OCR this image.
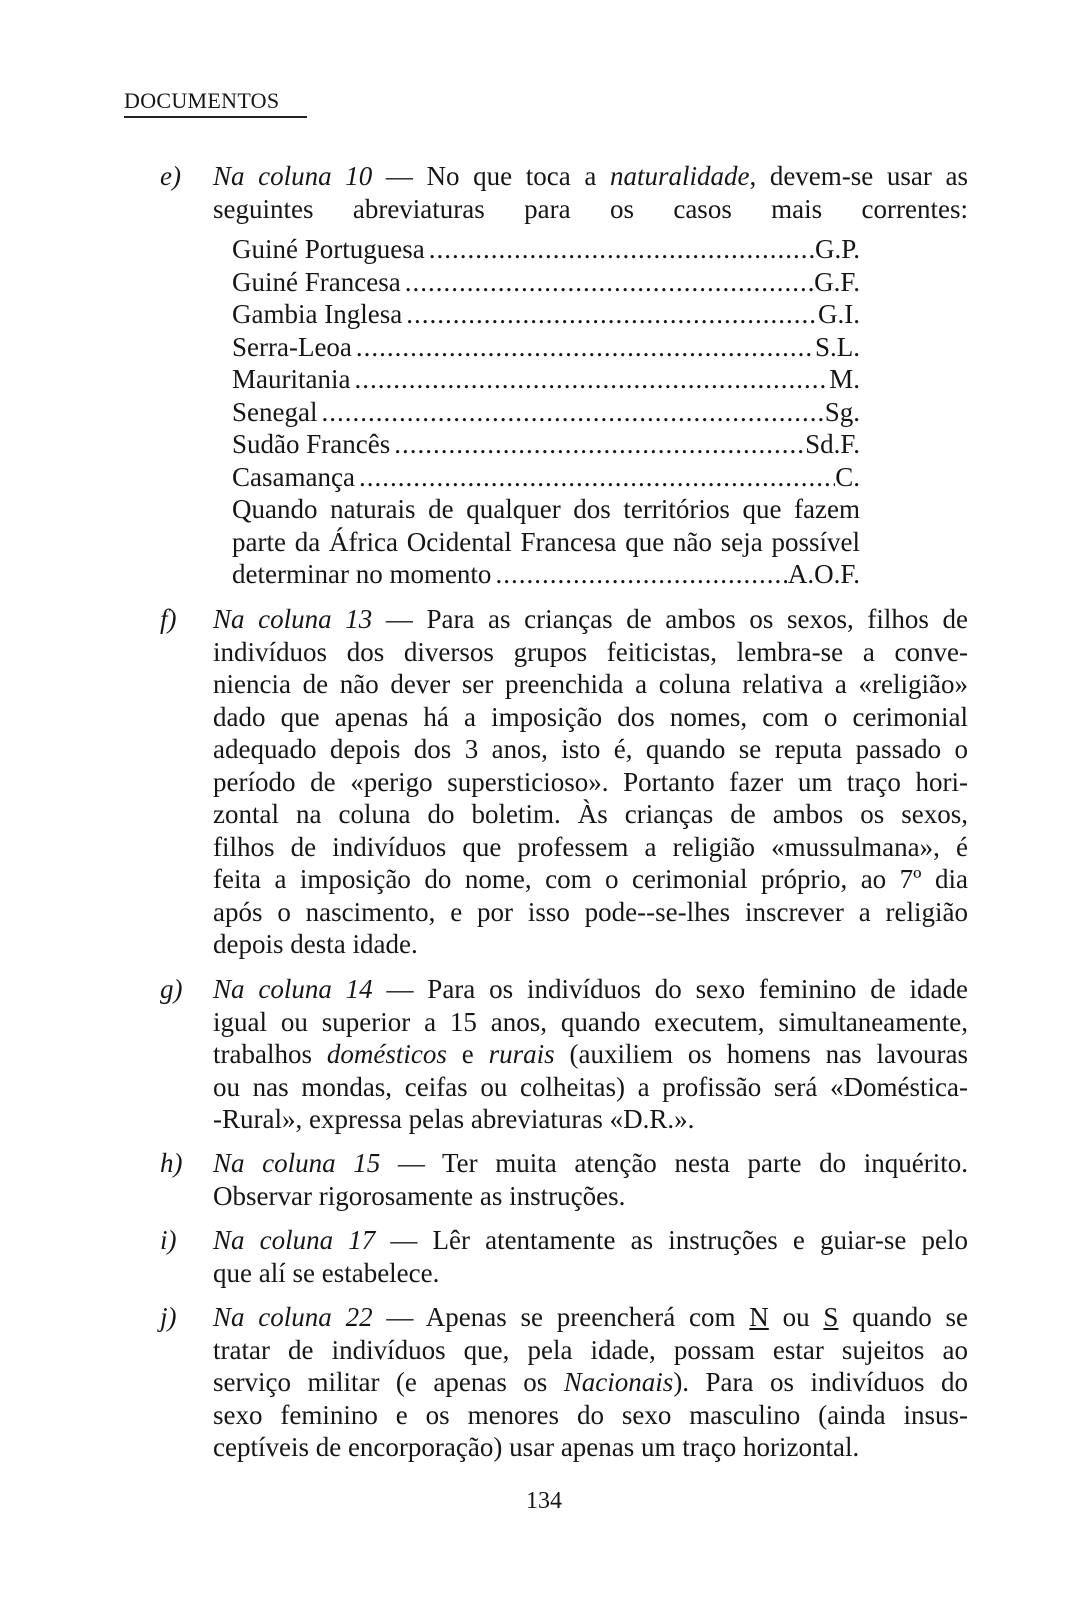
DOCUMENTOS
e) Na coluna 10 — No que toca a naturalidade, devem-se usar as
seguintes abreviaturas para os casos mais correntes:
Guiné Portuguesa .....	G.P.
Guiné Francesa .....	G.F.
Gambia Inglesa .....	G.I.
Serra-Leoa .....	S.L.
Mauritania .....	M.
Senegal .....	Sg.
Sudão Francês .....	Sd.F.
Casamança .....	C.
Quando naturais de qualquer dos territórios que fazem
parte da África Ocidental Francesa que não seja possível
determinar no momento .....	A.O.F.
f) Na coluna 13 — Para as crianças de ambos os sexos, filhos de
indivíduos dos diversos grupos feiticistas, lembra-se a conve-
niencia de não dever ser preenchida a coluna relativa a «religião»
dado que apenas há a imposição dos nomes, com o cerimonial
adequado depois dos 3 anos, isto é, quando se reputa passado o
período de «perigo supersticioso». Portanto fazer um traço hori-
zontal na coluna do boletim. Às crianças de ambos os sexos,
filhos de indivíduos que professem a religião «mussulmana», é
feita a imposição do nome, com o cerimonial próprio, ao 7º dia
após o nascimento, e por isso pode--se-lhes inscrever a religião
depois desta idade.
g) Na coluna 14 — Para os indivíduos do sexo feminino de idade
igual ou superior a 15 anos, quando executem, simultaneamente,
trabalhos domésticos e rurais (auxiliem os homens nas lavouras
ou nas mondas, ceifas ou colheitas) a profissão será «Doméstica-
-Rural», expressa pelas abreviaturas «D.R.».
h) Na coluna 15 — Ter muita atenção nesta parte do inquérito.
Observar rigorosamente as instruções.
i) Na coluna 17 — Lêr atentamente as instruções e guiar-se pelo
que alí se estabelece.
j) Na coluna 22 — Apenas se preencherá com N ou S quando se
tratar de indivíduos que, pela idade, possam estar sujeitos ao
serviço militar (e apenas os Nacionais). Para os indivíduos do
sexo feminino e os menores do sexo masculino (ainda insus-
ceptíveis de encorporação) usar apenas um traço horizontal.
134
